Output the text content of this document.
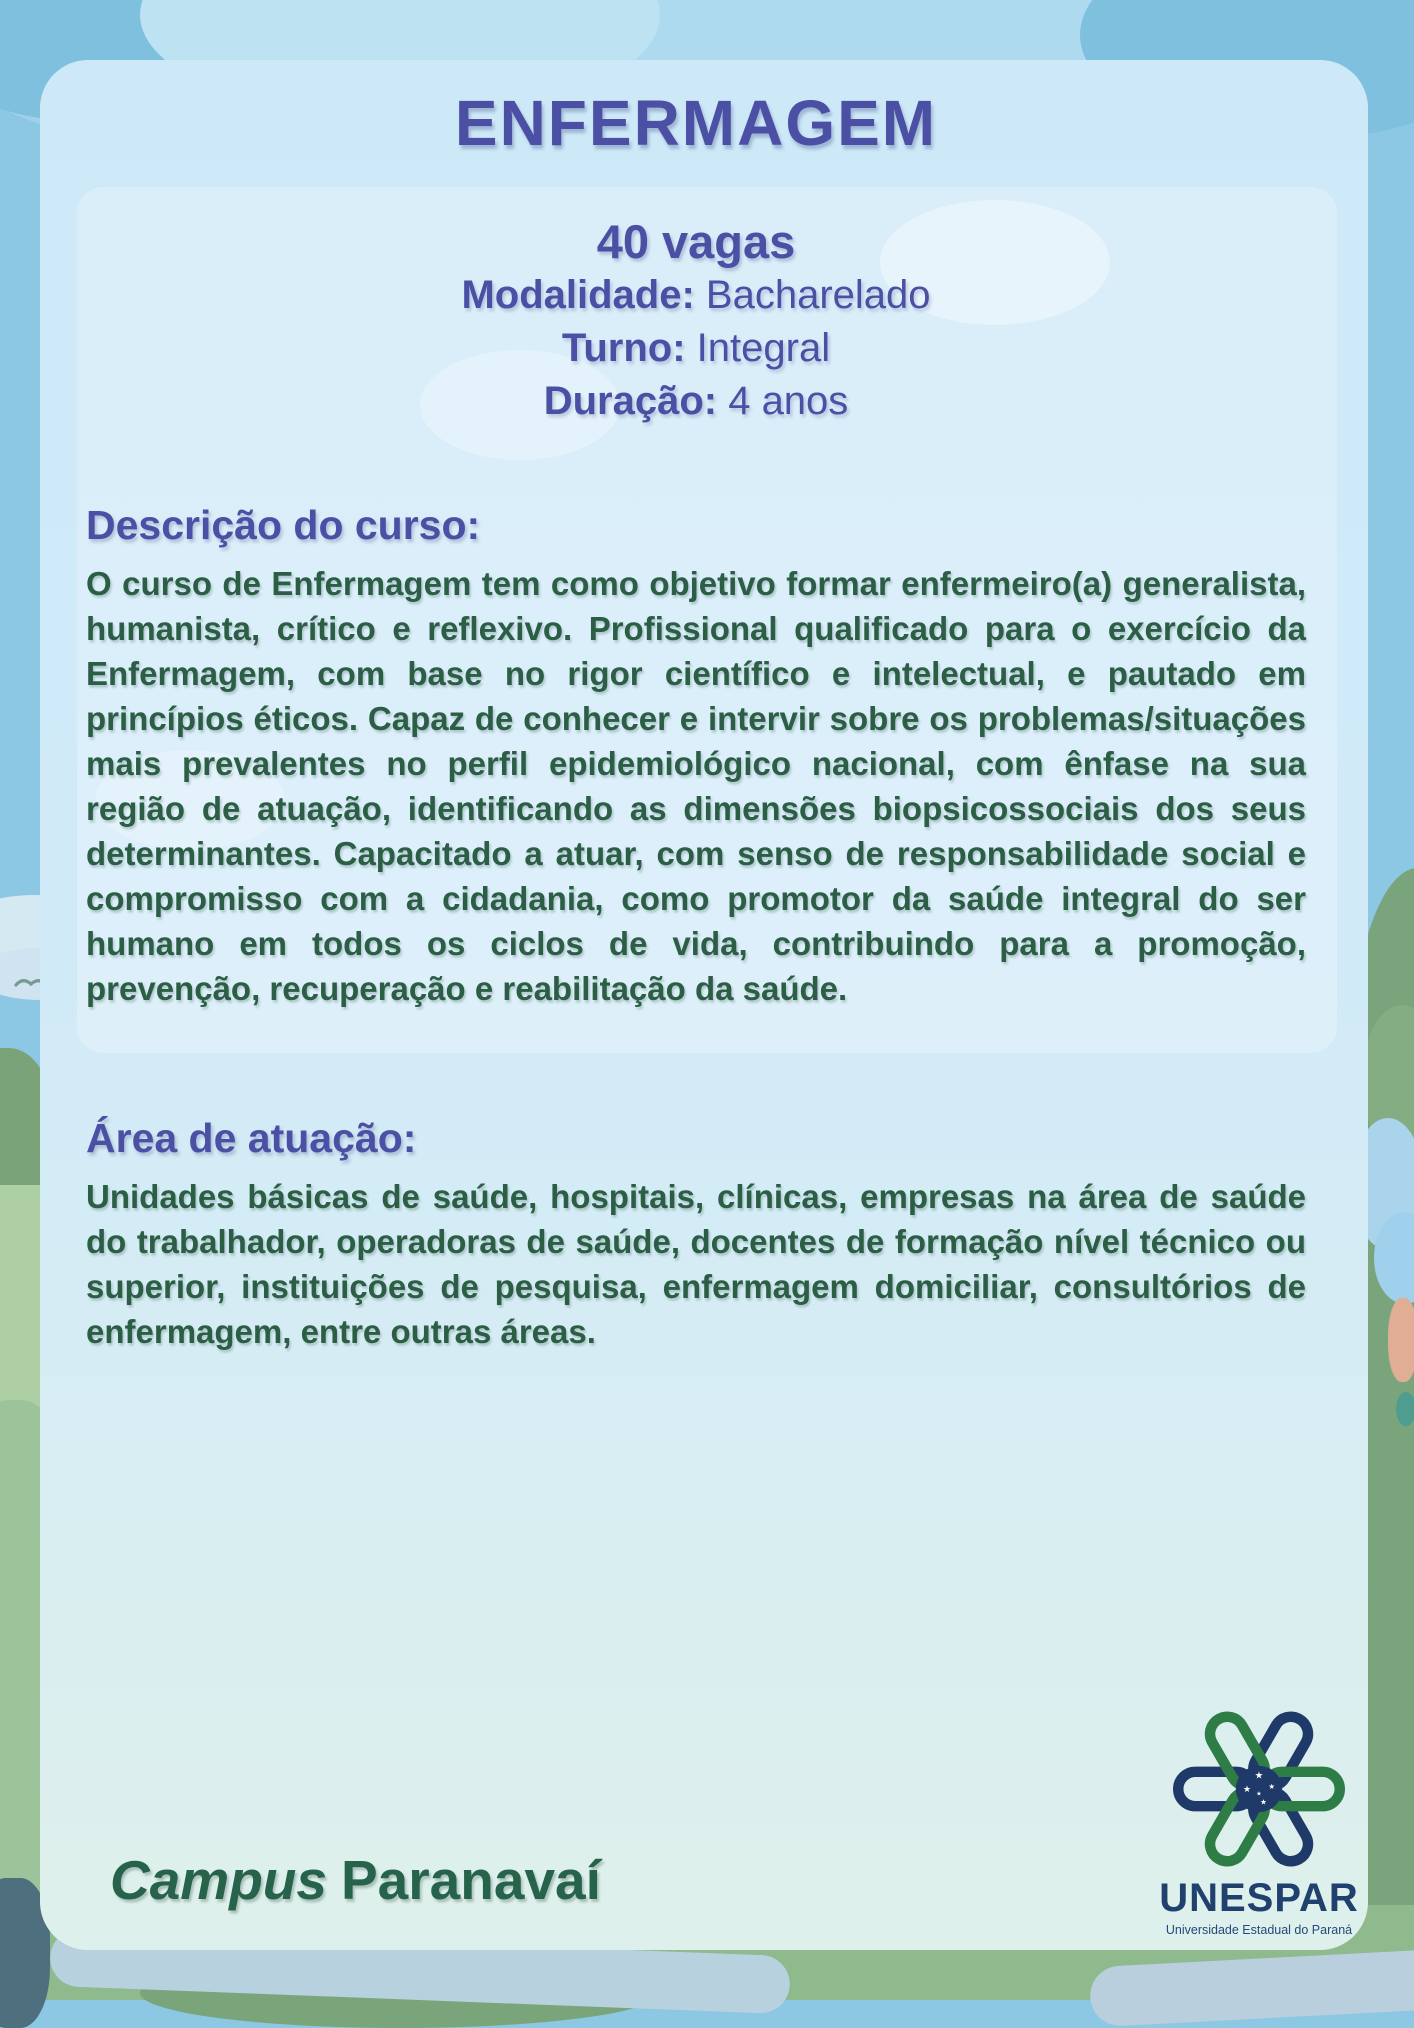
ENFERMAGEM
40 vagas
Modalidade: Bacharelado
Turno: Integral
Duração: 4 anos
Descrição do curso:
O curso de Enfermagem tem como objetivo formar enfermeiro(a) generalista, humanista, crítico e reflexivo. Profissional qualificado para o exercício da Enfermagem, com base no rigor científico e intelectual, e pautado em princípios éticos. Capaz de conhecer e intervir sobre os problemas/situações mais prevalentes no perfil epidemiológico nacional, com ênfase na sua região de atuação, identificando as dimensões biopsicossociais dos seus determinantes. Capacitado a atuar, com senso de responsabilidade social e compromisso com a cidadania, como promotor da saúde integral do ser humano em todos os ciclos de vida, contribuindo para a promoção, prevenção, recuperação e reabilitação da saúde.
Área de atuação:
Unidades básicas de saúde, hospitais, clínicas, empresas na área de saúde do trabalhador, operadoras de saúde, docentes de formação nível técnico ou superior, instituições de pesquisa, enfermagem domiciliar, consultórios de enfermagem, entre outras áreas.
Campus Paranavaí
★
★ ★
★
★
UNESPAR
Universidade Estadual do Paraná
